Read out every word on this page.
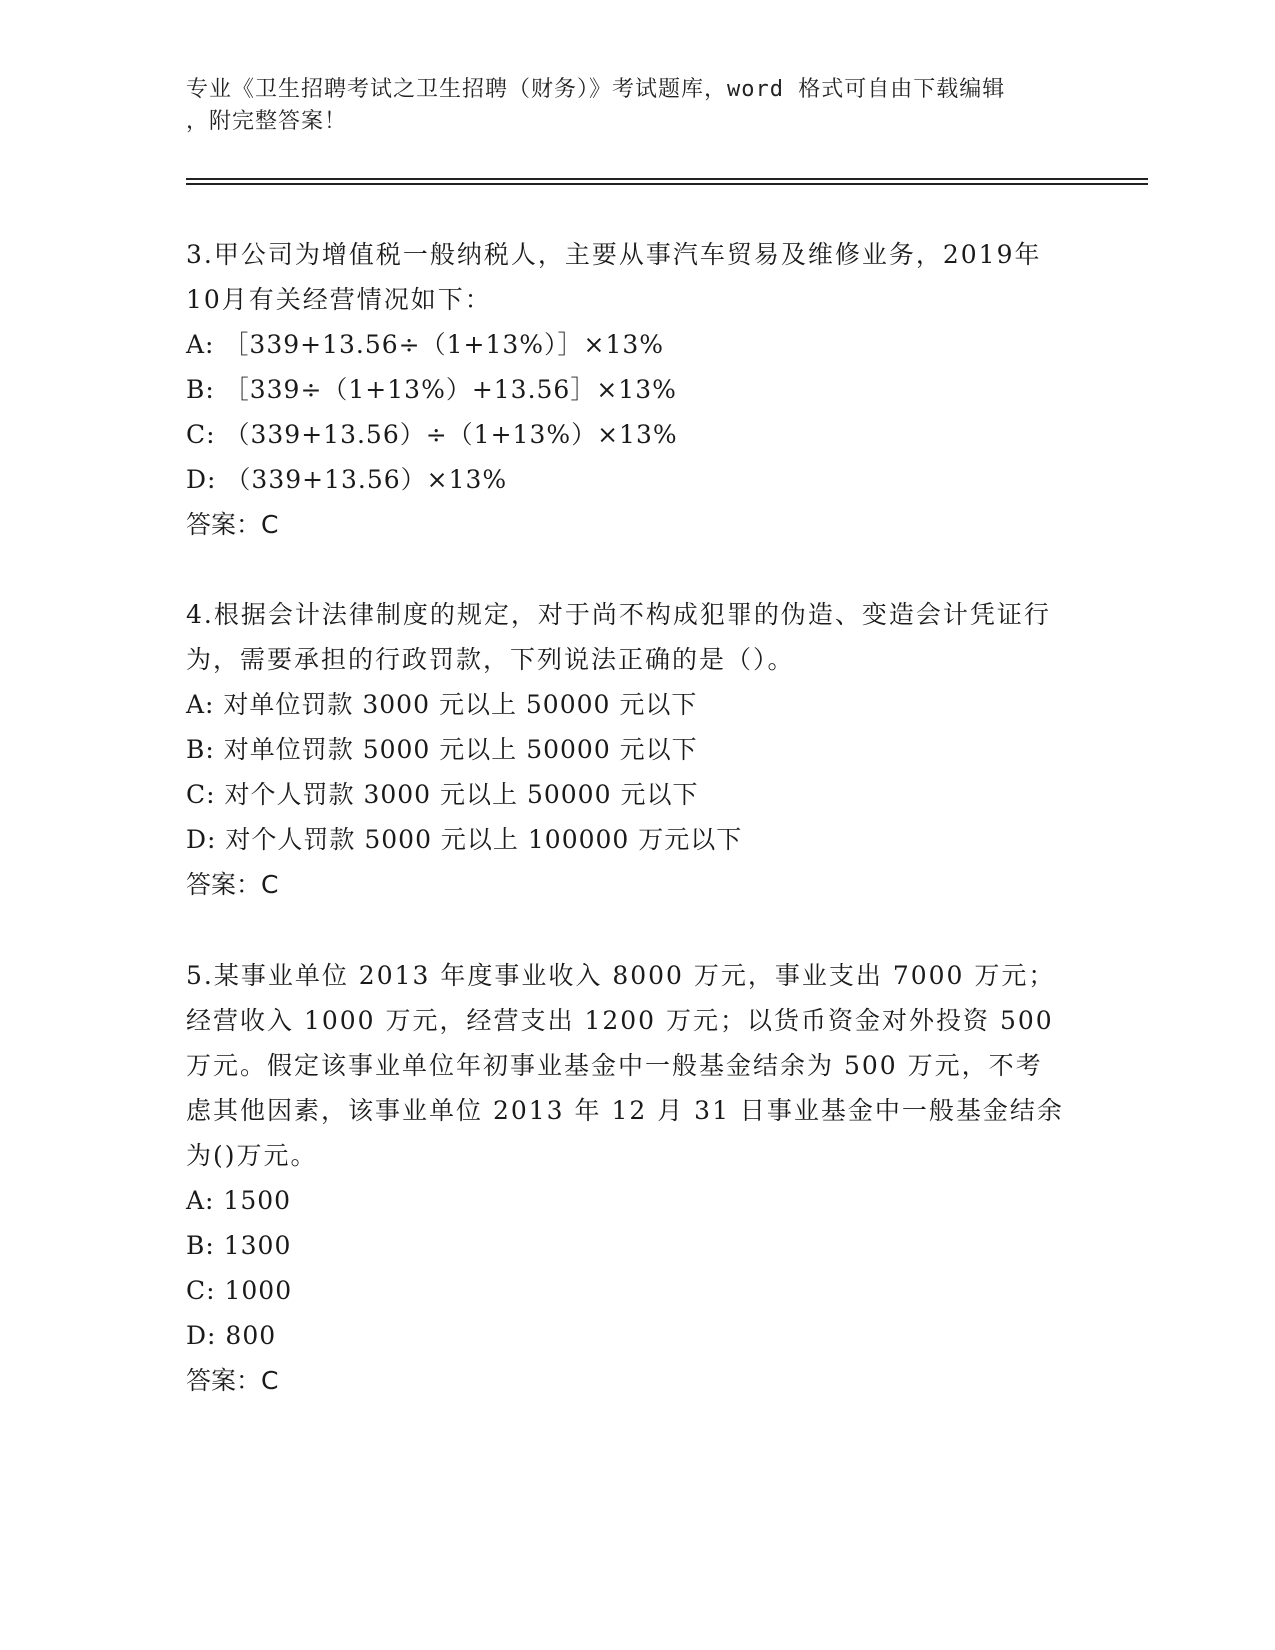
专业《卫生招聘考试之卫生招聘（财务）》考试题库，word 格式可自由下载编辑
，附完整答案！
3.甲公司为增值税一般纳税人，主要从事汽车贸易及维修业务，2019年10月有关经营情况如下：
A: ［339+13.56÷（1+13%）］×13%
B: ［339÷（1+13%）+13.56］×13%
C: （339+13.56）÷（1+13%）×13%
D: （339+13.56）×13%
答案：C
4.根据会计法律制度的规定，对于尚不构成犯罪的伪造、变造会计凭证行为，需要承担的行政罚款，下列说法正确的是（）。
A: 对单位罚款 3000 元以上 50000 元以下
B: 对单位罚款 5000 元以上 50000 元以下
C: 对个人罚款 3000 元以上 50000 元以下
D: 对个人罚款 5000 元以上 100000 万元以下
答案：C
5.某事业单位 2013 年度事业收入 8000 万元，事业支出 7000 万元；经营收入 1000 万元，经营支出 1200 万元；以货币资金对外投资 500 万元。假定该事业单位年初事业基金中一般基金结余为 500 万元，不考虑其他因素，该事业单位 2013 年 12 月 31 日事业基金中一般基金结余为()万元。
A: 1500
B: 1300
C: 1000
D: 800
答案：C
